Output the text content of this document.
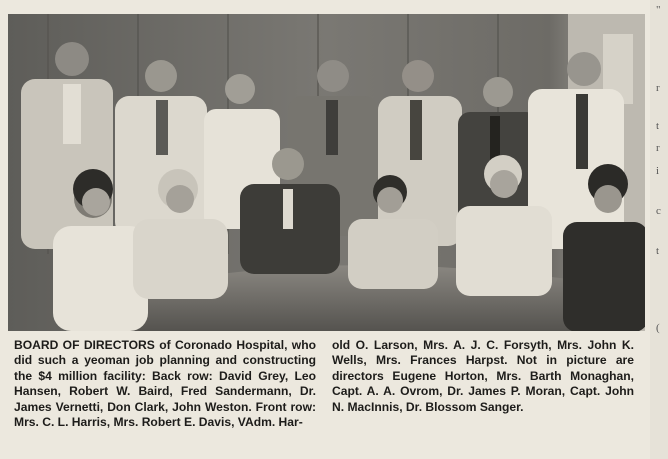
BOARD OF DIRECTORS of Coronado Hospital, who did such a yeoman job planning and constructing the $4 million facility: Back row: David Grey, Leo Hansen, Robert W. Baird, Fred Sandermann, Dr. James Vernetti, Don Clark, John Weston. Front row: Mrs. C. L. Harris, Mrs. Robert E. Davis, VAdm. Har-
old O. Larson, Mrs. A. J. C. Forsyth, Mrs. John K. Wells, Mrs. Frances Harpst. Not in picture are directors Eugene Horton, Mrs. Barth Monaghan, Capt. A. A. Ovrom, Dr. James P. Moran, Capt. John N. MacInnis, Dr. Blossom Sanger.
"
r
t
r
i
c
t
(
